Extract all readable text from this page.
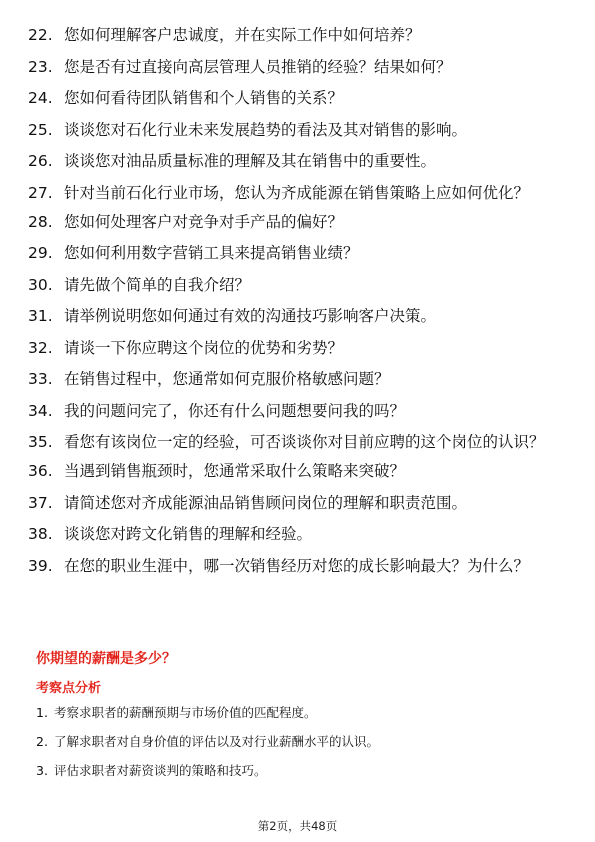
22. 您如何理解客户忠诚度，并在实际工作中如何培养？
23. 您是否有过直接向高层管理人员推销的经验？结果如何？
24. 您如何看待团队销售和个人销售的关系？
25. 谈谈您对石化行业未来发展趋势的看法及其对销售的影响。
26. 谈谈您对油品质量标准的理解及其在销售中的重要性。
27. 针对当前石化行业市场，您认为齐成能源在销售策略上应如何优化？
28. 您如何处理客户对竞争对手产品的偏好？
29. 您如何利用数字营销工具来提高销售业绩？
30. 请先做个简单的自我介绍？
31. 请举例说明您如何通过有效的沟通技巧影响客户决策。
32. 请谈一下你应聘这个岗位的优势和劣势？
33. 在销售过程中，您通常如何克服价格敏感问题？
34. 我的问题问完了，你还有什么问题想要问我的吗？
35. 看您有该岗位一定的经验，可否谈谈你对目前应聘的这个岗位的认识？
36. 当遇到销售瓶颈时，您通常采取什么策略来突破？
37. 请简述您对齐成能源油品销售顾问岗位的理解和职责范围。
38. 谈谈您对跨文化销售的理解和经验。
39. 在您的职业生涯中，哪一次销售经历对您的成长影响最大？为什么？
你期望的薪酬是多少？
考察点分析
1. 考察求职者的薪酬预期与市场价值的匹配程度。
2. 了解求职者对自身价值的评估以及对行业薪酬水平的认识。
3. 评估求职者对薪资谈判的策略和技巧。
第2页，共48页
